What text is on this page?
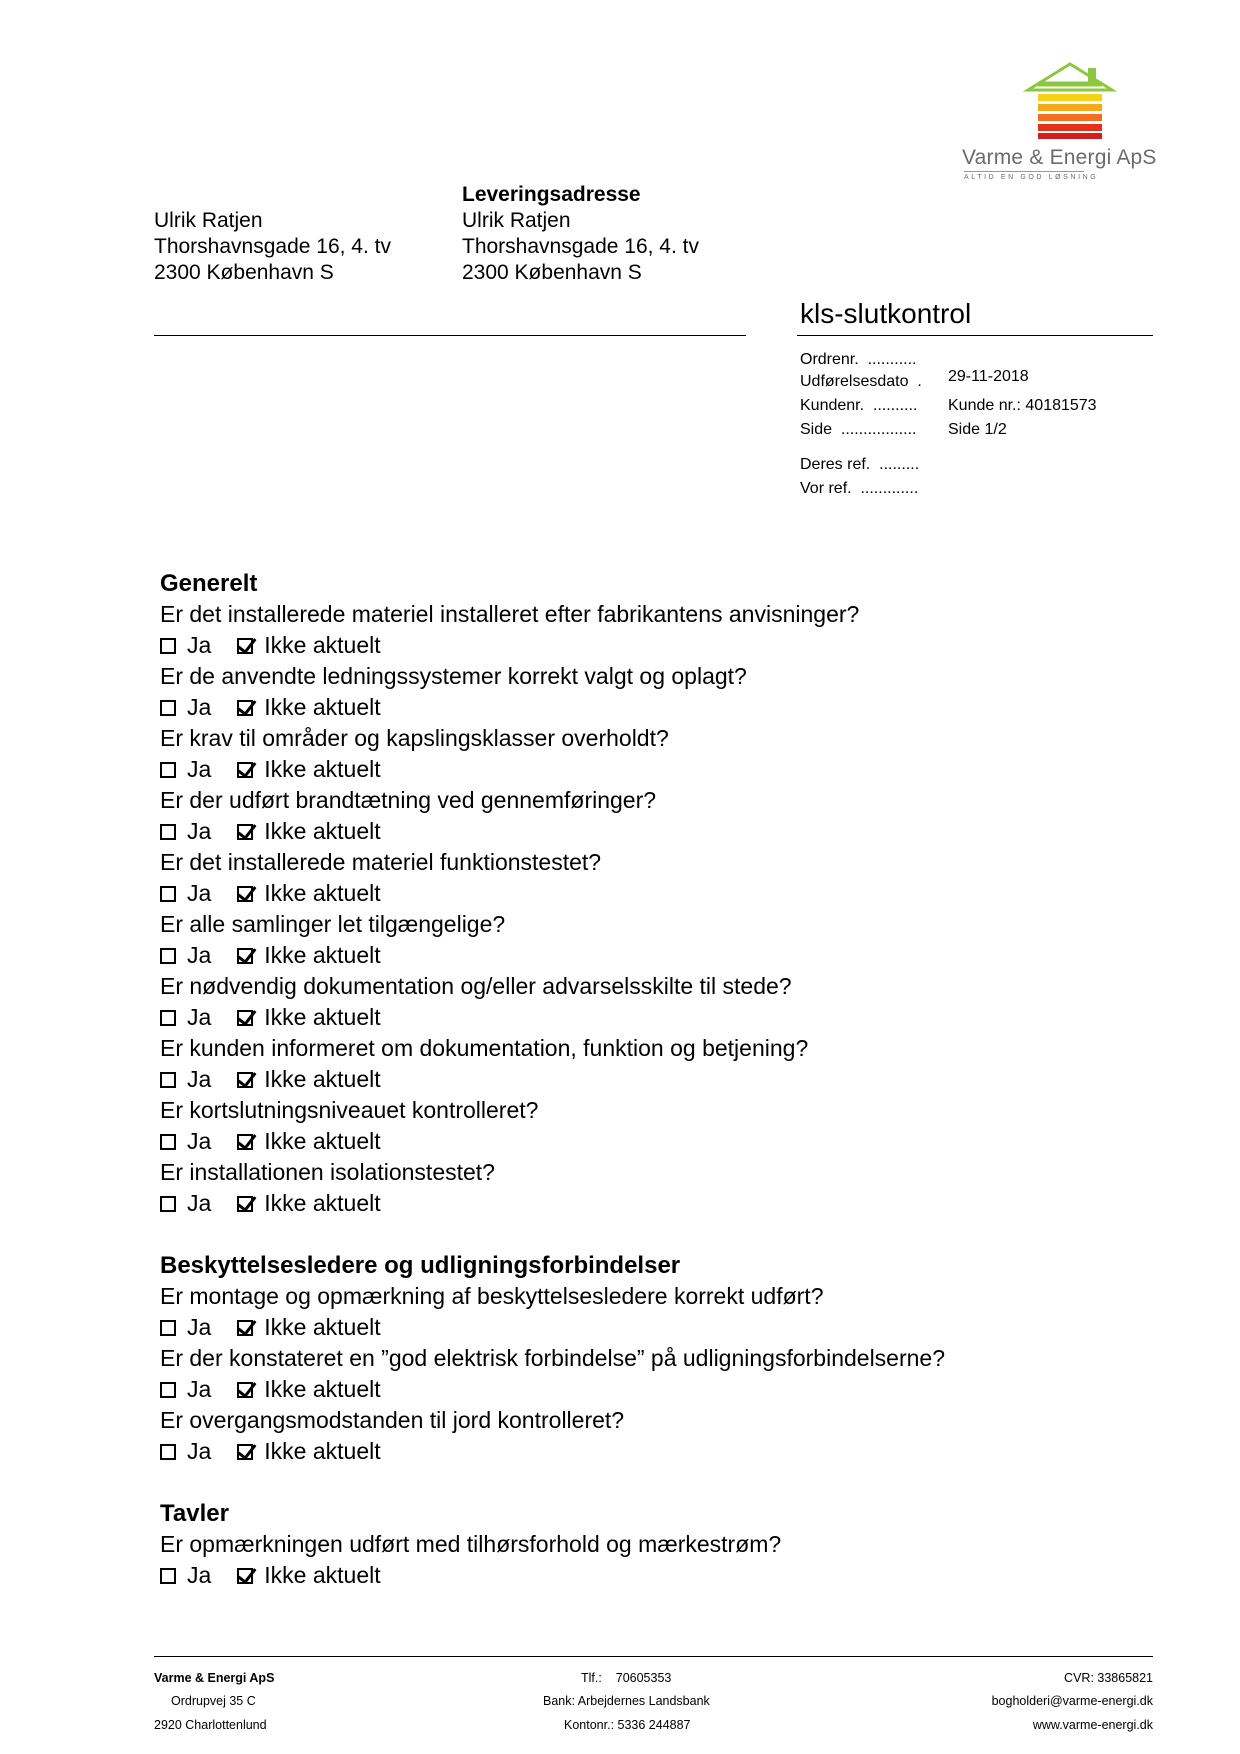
Varme & Energi ApS
ALTID EN GOD LØSNING
Ulrik Ratjen
Thorshavnsgade 16, 4. tv
2300 København S
Leveringsadresse
Ulrik Ratjen
Thorshavnsgade 16, 4. tv
2300 København S
kls-slutkontrol
Ordrenr. ...........
Udførelsesdato . 29-11-2018
Kundenr. .......... Kunde nr.: 40181573
Side ................. Side 1/2
Deres ref. .........
Vor ref. .............
Generelt
Er det installerede materiel installeret efter fabrikantens anvisninger?
Ja Ikke aktuelt
Er de anvendte ledningssystemer korrekt valgt og oplagt?
Ja Ikke aktuelt
Er krav til områder og kapslingsklasser overholdt?
Ja Ikke aktuelt
Er der udført brandtætning ved gennemføringer?
Ja Ikke aktuelt
Er det installerede materiel funktionstestet?
Ja Ikke aktuelt
Er alle samlinger let tilgængelige?
Ja Ikke aktuelt
Er nødvendig dokumentation og/eller advarselsskilte til stede?
Ja Ikke aktuelt
Er kunden informeret om dokumentation, funktion og betjening?
Ja Ikke aktuelt
Er kortslutningsniveauet kontrolleret?
Ja Ikke aktuelt
Er installationen isolationstestet?
Ja Ikke aktuelt
Beskyttelsesledere og udligningsforbindelser
Er montage og opmærkning af beskyttelsesledere korrekt udført?
Ja Ikke aktuelt
Er der konstateret en ”god elektrisk forbindelse” på udligningsforbindelserne?
Ja Ikke aktuelt
Er overgangsmodstanden til jord kontrolleret?
Ja Ikke aktuelt
Tavler
Er opmærkningen udført med tilhørsforhold og mærkestrøm?
Ja Ikke aktuelt
Varme & Energi ApS
Ordrupvej 35 C
2920 Charlottenlund
Tlf.: 70605353
Bank: Arbejdernes Landsbank
Kontonr.: 5336 244887
CVR: 33865821
bogholderi@varme-energi.dk
www.varme-energi.dk
